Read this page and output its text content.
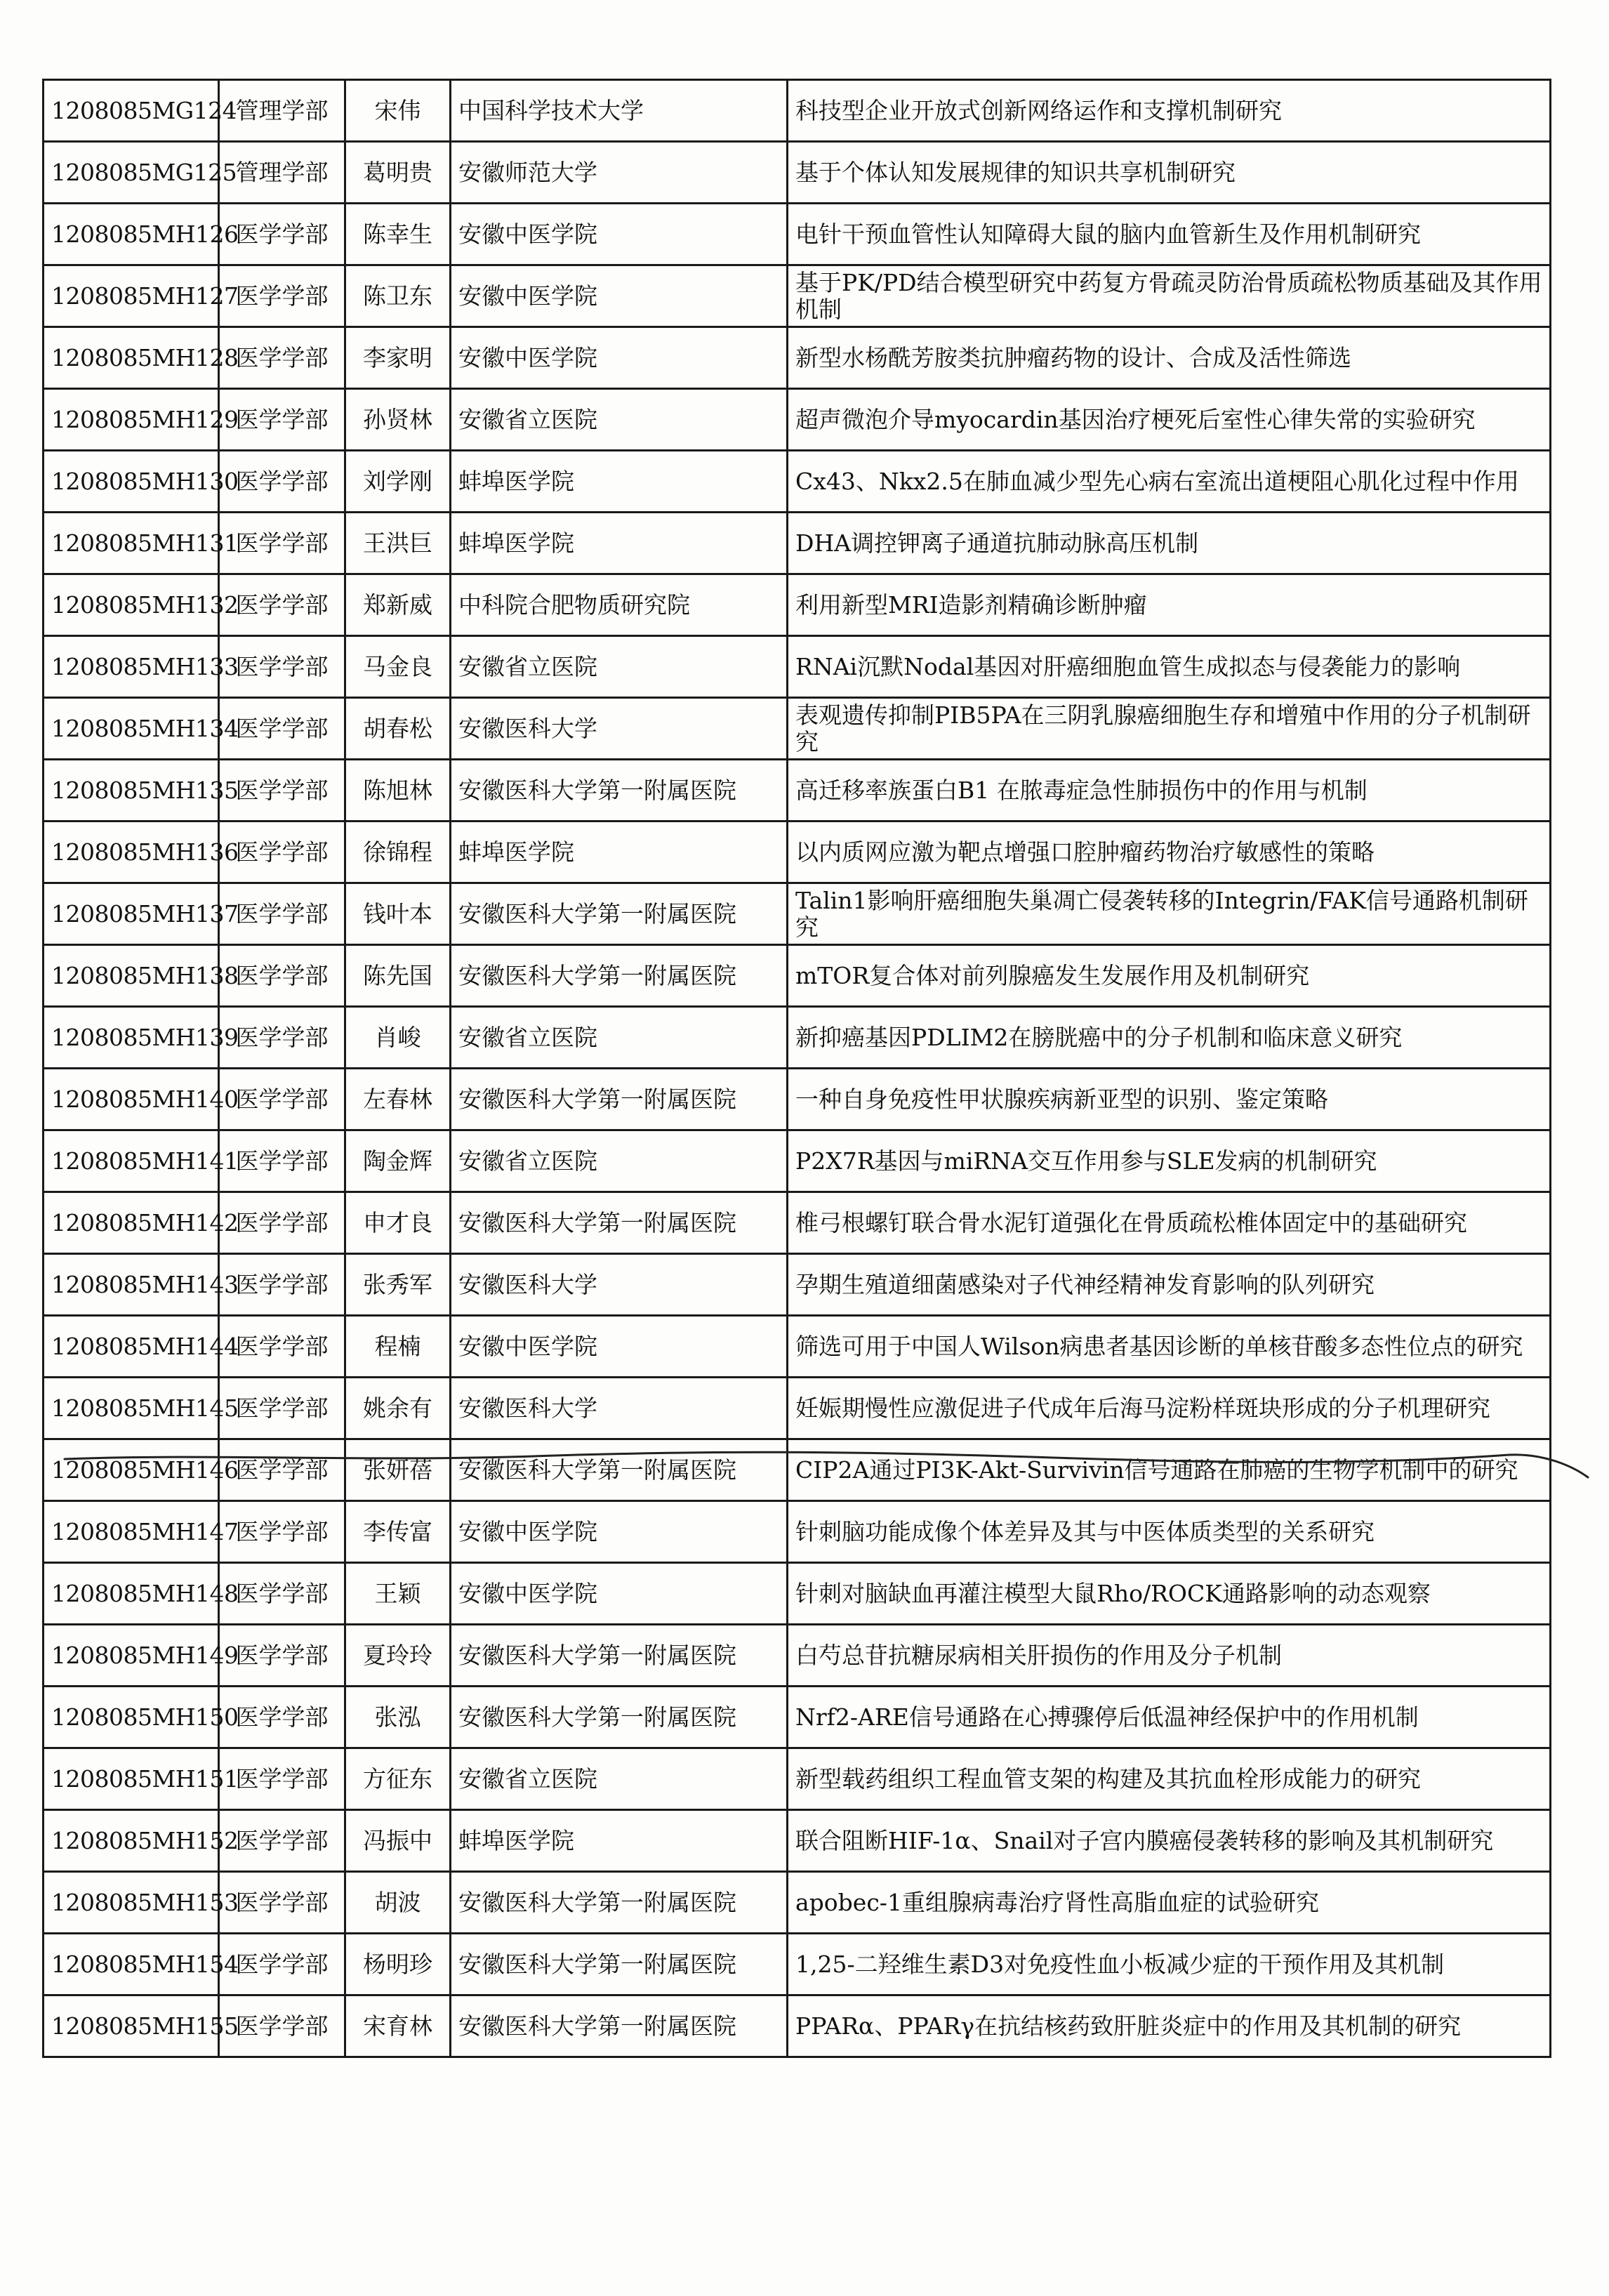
1208085MG124	管理学部	宋伟	中国科学技术大学	科技型企业开放式创新网络运作和支撑机制研究
1208085MG125	管理学部	葛明贵	安徽师范大学	基于个体认知发展规律的知识共享机制研究
1208085MH126	医学学部	陈幸生	安徽中医学院	电针干预血管性认知障碍大鼠的脑内血管新生及作用机制研究
1208085MH127	医学学部	陈卫东	安徽中医学院	基于PK/PD结合模型研究中药复方骨疏灵防治骨质疏松物质基础及其作用机制
1208085MH128	医学学部	李家明	安徽中医学院	新型水杨酰芳胺类抗肿瘤药物的设计、合成及活性筛选
1208085MH129	医学学部	孙贤林	安徽省立医院	超声微泡介导myocardin基因治疗梗死后室性心律失常的实验研究
1208085MH130	医学学部	刘学刚	蚌埠医学院	Cx43、Nkx2.5在肺血减少型先心病右室流出道梗阻心肌化过程中作用
1208085MH131	医学学部	王洪巨	蚌埠医学院	DHA调控钾离子通道抗肺动脉高压机制
1208085MH132	医学学部	郑新威	中科院合肥物质研究院	利用新型MRI造影剂精确诊断肿瘤
1208085MH133	医学学部	马金良	安徽省立医院	RNAi沉默Nodal基因对肝癌细胞血管生成拟态与侵袭能力的影响
1208085MH134	医学学部	胡春松	安徽医科大学	表观遗传抑制PIB5PA在三阴乳腺癌细胞生存和增殖中作用的分子机制研究
1208085MH135	医学学部	陈旭林	安徽医科大学第一附属医院	高迁移率族蛋白B1 在脓毒症急性肺损伤中的作用与机制
1208085MH136	医学学部	徐锦程	蚌埠医学院	以内质网应激为靶点增强口腔肿瘤药物治疗敏感性的策略
1208085MH137	医学学部	钱叶本	安徽医科大学第一附属医院	Talin1影响肝癌细胞失巢凋亡侵袭转移的Integrin/FAK信号通路机制研究
1208085MH138	医学学部	陈先国	安徽医科大学第一附属医院	mTOR复合体对前列腺癌发生发展作用及机制研究
1208085MH139	医学学部	肖峻	安徽省立医院	新抑癌基因PDLIM2在膀胱癌中的分子机制和临床意义研究
1208085MH140	医学学部	左春林	安徽医科大学第一附属医院	一种自身免疫性甲状腺疾病新亚型的识别、鉴定策略
1208085MH141	医学学部	陶金辉	安徽省立医院	P2X7R基因与miRNA交互作用参与SLE发病的机制研究
1208085MH142	医学学部	申才良	安徽医科大学第一附属医院	椎弓根螺钉联合骨水泥钉道强化在骨质疏松椎体固定中的基础研究
1208085MH143	医学学部	张秀军	安徽医科大学	孕期生殖道细菌感染对子代神经精神发育影响的队列研究
1208085MH144	医学学部	程楠	安徽中医学院	筛选可用于中国人Wilson病患者基因诊断的单核苷酸多态性位点的研究
1208085MH145	医学学部	姚余有	安徽医科大学	妊娠期慢性应激促进子代成年后海马淀粉样斑块形成的分子机理研究
1208085MH146	医学学部	张妍蓓	安徽医科大学第一附属医院	CIP2A通过PI3K-Akt-Survivin信号通路在肺癌的生物学机制中的研究
1208085MH147	医学学部	李传富	安徽中医学院	针刺脑功能成像个体差异及其与中医体质类型的关系研究
1208085MH148	医学学部	王颖	安徽中医学院	针刺对脑缺血再灌注模型大鼠Rho/ROCK通路影响的动态观察
1208085MH149	医学学部	夏玲玲	安徽医科大学第一附属医院	白芍总苷抗糖尿病相关肝损伤的作用及分子机制
1208085MH150	医学学部	张泓	安徽医科大学第一附属医院	Nrf2-ARE信号通路在心搏骤停后低温神经保护中的作用机制
1208085MH151	医学学部	方征东	安徽省立医院	新型载药组织工程血管支架的构建及其抗血栓形成能力的研究
1208085MH152	医学学部	冯振中	蚌埠医学院	联合阻断HIF-1α、Snail对子宫内膜癌侵袭转移的影响及其机制研究
1208085MH153	医学学部	胡波	安徽医科大学第一附属医院	apobec-1重组腺病毒治疗肾性高脂血症的试验研究
1208085MH154	医学学部	杨明珍	安徽医科大学第一附属医院	1,25-二羟维生素D3对免疫性血小板减少症的干预作用及其机制
1208085MH155	医学学部	宋育林	安徽医科大学第一附属医院	PPARα、PPARγ在抗结核药致肝脏炎症中的作用及其机制的研究
